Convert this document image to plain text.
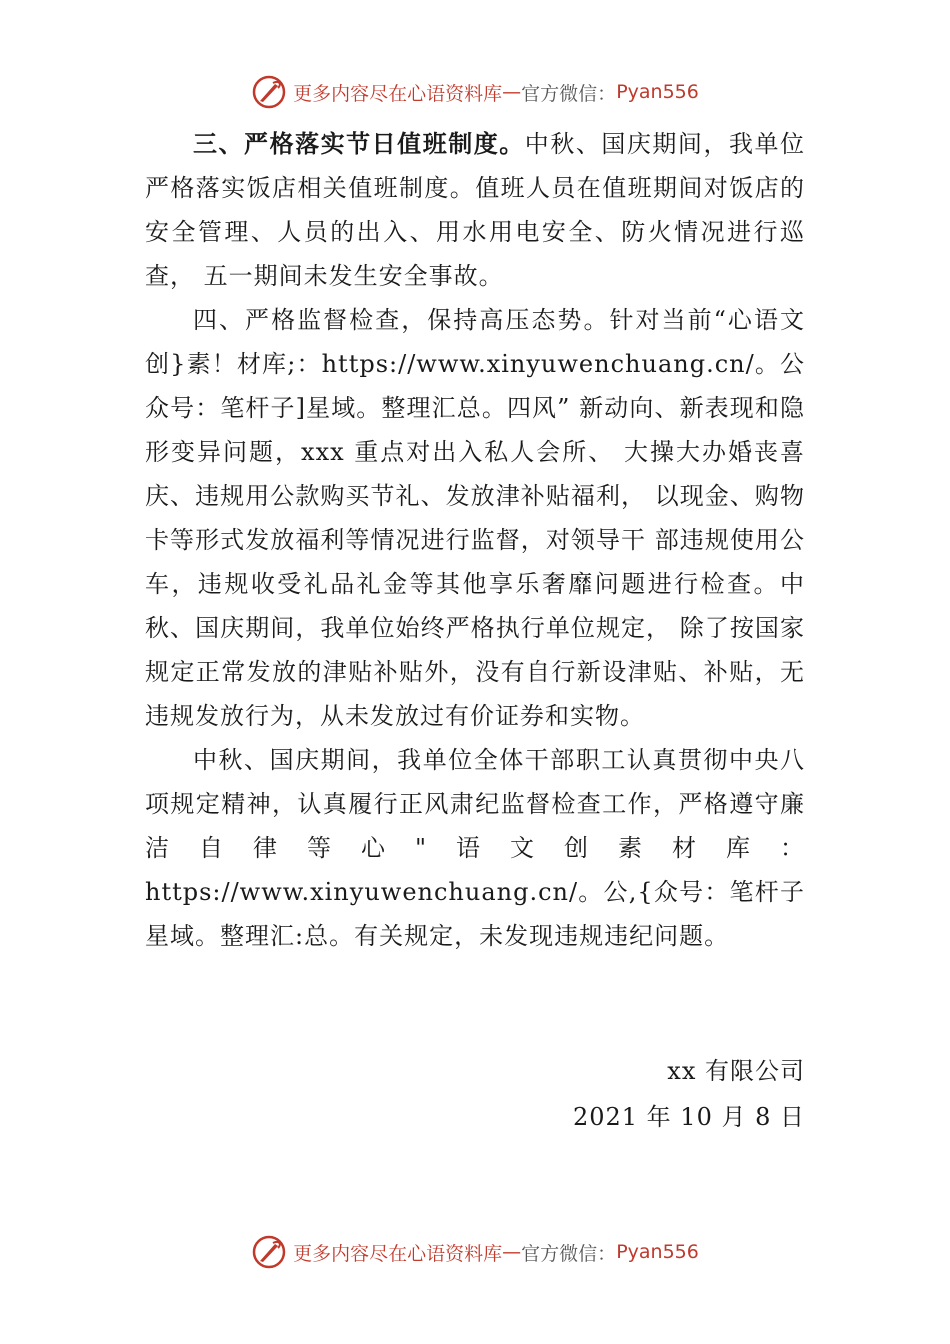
更多内容尽在心语资料库 — 官方微信： Pyan556

三、严格落实节日值班制度。中秋、国庆期间，我单位严格落实饭店相关值班制度。值班人员在值班期间对饭店的安全管理、人员的出入、用水用电安全、防火情况进行巡查， 五一期间未发生安全事故。

四、严格监督检查，保持高压态势。针对当前“心语文创}素！材库;：https://www.xinyuwenchuang.cn/。公众号：笔杆子]星域。整理汇总。四风” 新动向、新表现和隐形变异问题，xxx 重点对出入私人会所、 大操大办婚丧喜庆、违规用公款购买节礼、发放津补贴福利， 以现金、购物卡等形式发放福利等情况进行监督，对领导干 部违规使用公车，违规收受礼品礼金等其他享乐奢靡问题进行检查。中秋、国庆期间，我单位始终严格执行单位规定， 除了按国家规定正常发放的津贴补贴外，没有自行新设津贴、补贴，无违规发放行为，从未发放过有价证券和实物。

中秋、国庆期间，我单位全体干部职工认真贯彻中央八项规定精神，认真履行正风肃纪监督检查工作，严格遵守廉洁自律等心"语文创素材库：https://www.xinyuwenchuang.cn/。公,{众号：笔杆子星域。整理汇:总。有关规定，未发现违规违纪问题。

xx 有限公司
2021 年 10 月 8 日
更多内容尽在心语资料库 — 官方微信： Pyan556
